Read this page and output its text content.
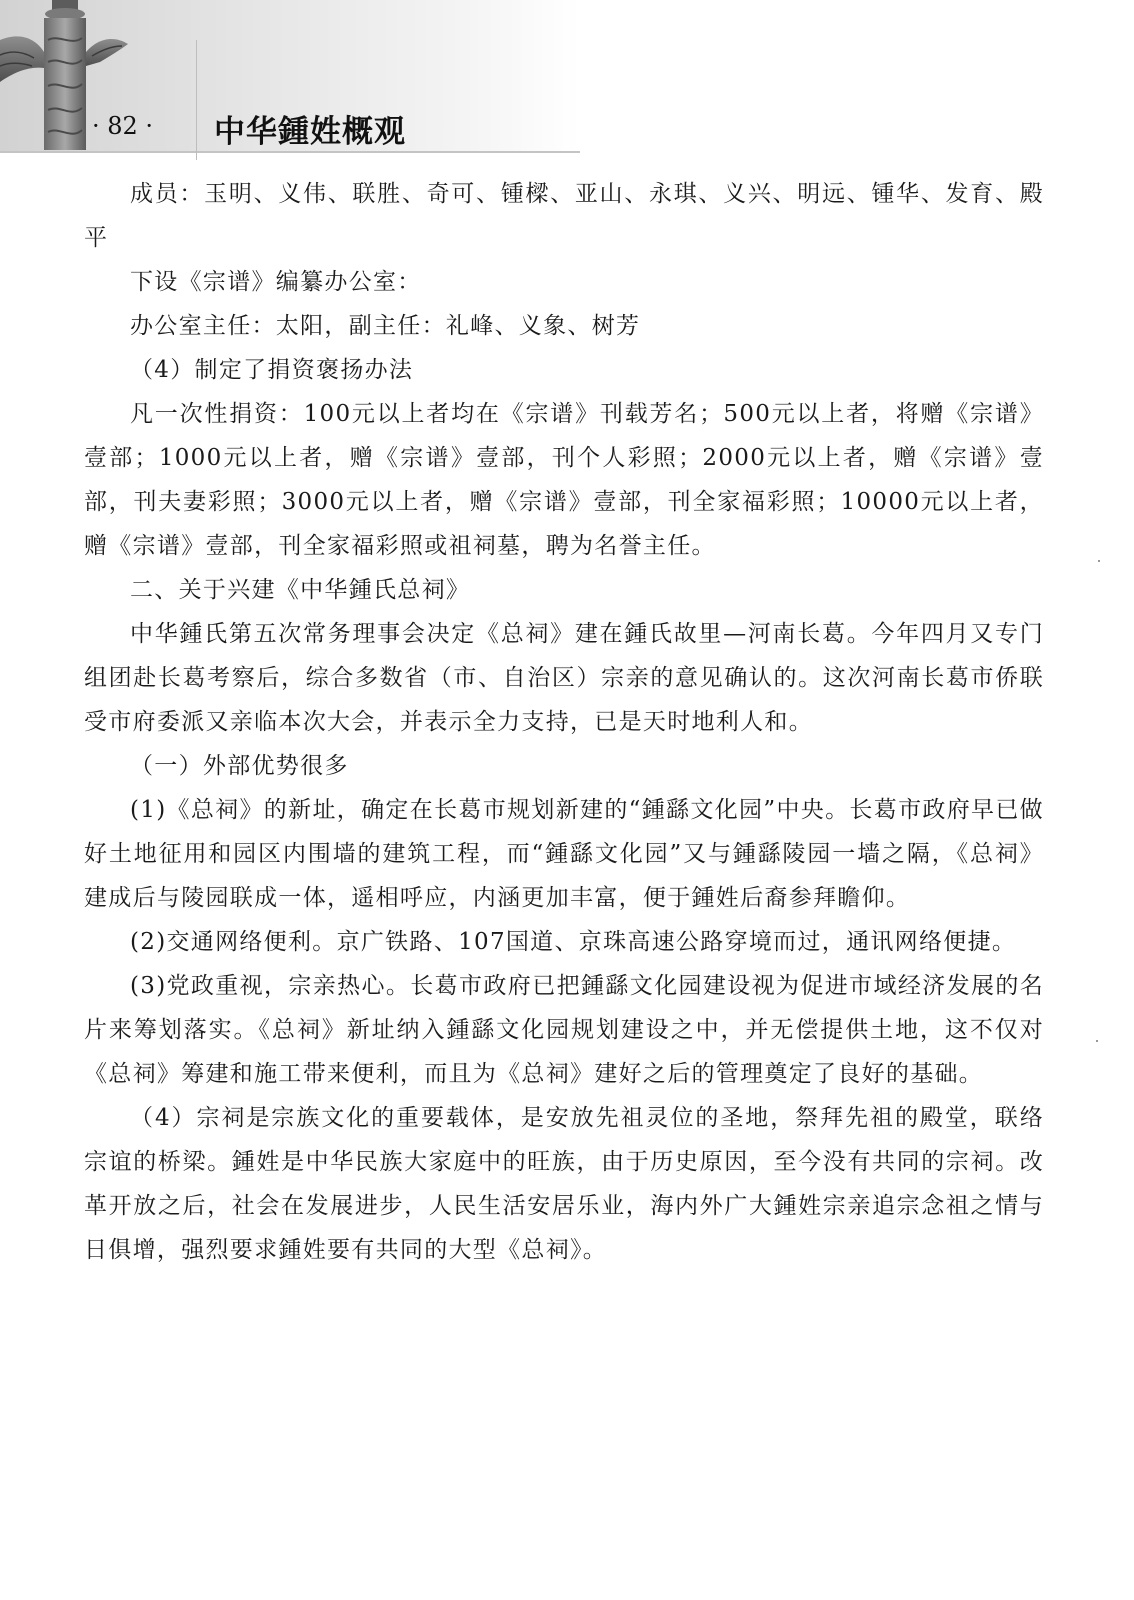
· 82 · 中华鍾姓概观

成员：玉明、义伟、联胜、奇可、锺樑、亚山、永琪、义兴、明远、锺华、发育、殿平

下设《宗谱》编纂办公室：

办公室主任：太阳，副主任：礼峰、义象、树芳

（4）制定了捐资褒扬办法

凡一次性捐资：100元以上者均在《宗谱》刊载芳名；500元以上者，将赠《宗谱》壹部；1000元以上者，赠《宗谱》壹部，刊个人彩照；2000元以上者，赠《宗谱》壹部，刊夫妻彩照；3000元以上者，赠《宗谱》壹部，刊全家福彩照；10000元以上者，赠《宗谱》壹部，刊全家福彩照或祖祠墓，聘为名誉主任。

二、关于兴建《中华鍾氏总祠》

中华鍾氏第五次常务理事会决定《总祠》建在鍾氏故里—河南长葛。今年四月又专门组团赴长葛考察后，综合多数省（市、自治区）宗亲的意见确认的。这次河南长葛市侨联受市府委派又亲临本次大会，并表示全力支持，已是天时地利人和。

（一）外部优势很多

(1)《总祠》的新址，确定在长葛市规划新建的“鍾繇文化园”中央。长葛市政府早已做好土地征用和园区内围墙的建筑工程，而“鍾繇文化园”又与鍾繇陵园一墙之隔，《总祠》建成后与陵园联成一体，遥相呼应，内涵更加丰富，便于鍾姓后裔参拜瞻仰。

(2)交通网络便利。京广铁路、107国道、京珠高速公路穿境而过，通讯网络便捷。

(3)党政重视，宗亲热心。长葛市政府已把鍾繇文化园建设视为促进市域经济发展的名片来筹划落实。《总祠》新址纳入鍾繇文化园规划建设之中，并无偿提供土地，这不仅对《总祠》筹建和施工带来便利，而且为《总祠》建好之后的管理奠定了良好的基础。

（4）宗祠是宗族文化的重要载体，是安放先祖灵位的圣地，祭拜先祖的殿堂，联络宗谊的桥梁。鍾姓是中华民族大家庭中的旺族，由于历史原因，至今没有共同的宗祠。改革开放之后，社会在发展进步，人民生活安居乐业，海内外广大鍾姓宗亲追宗念祖之情与日俱增，强烈要求鍾姓要有共同的大型《总祠》。
